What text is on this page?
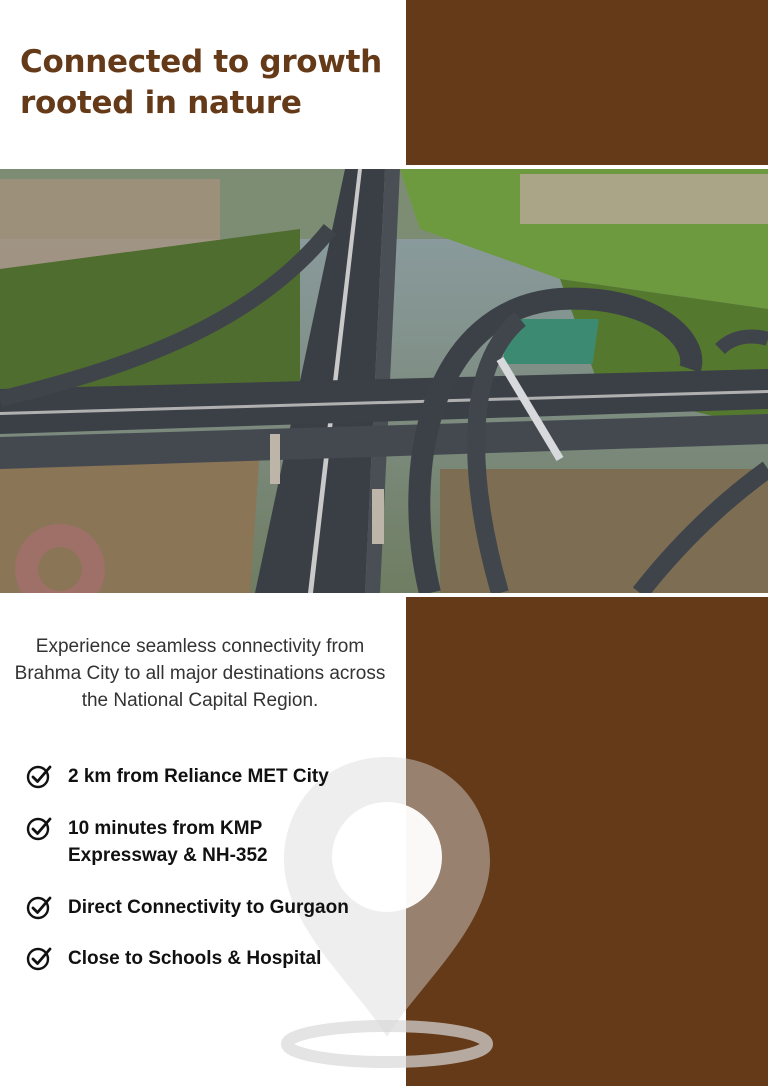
Connected to growth
rooted in nature

Experience seamless connectivity from
Brahma City to all major destinations across
the National Capital Region.

2 km from Reliance MET City
10 minutes from KMP
Expressway & NH-352
Direct Connectivity to Gurgaon
Close to Schools & Hospital
